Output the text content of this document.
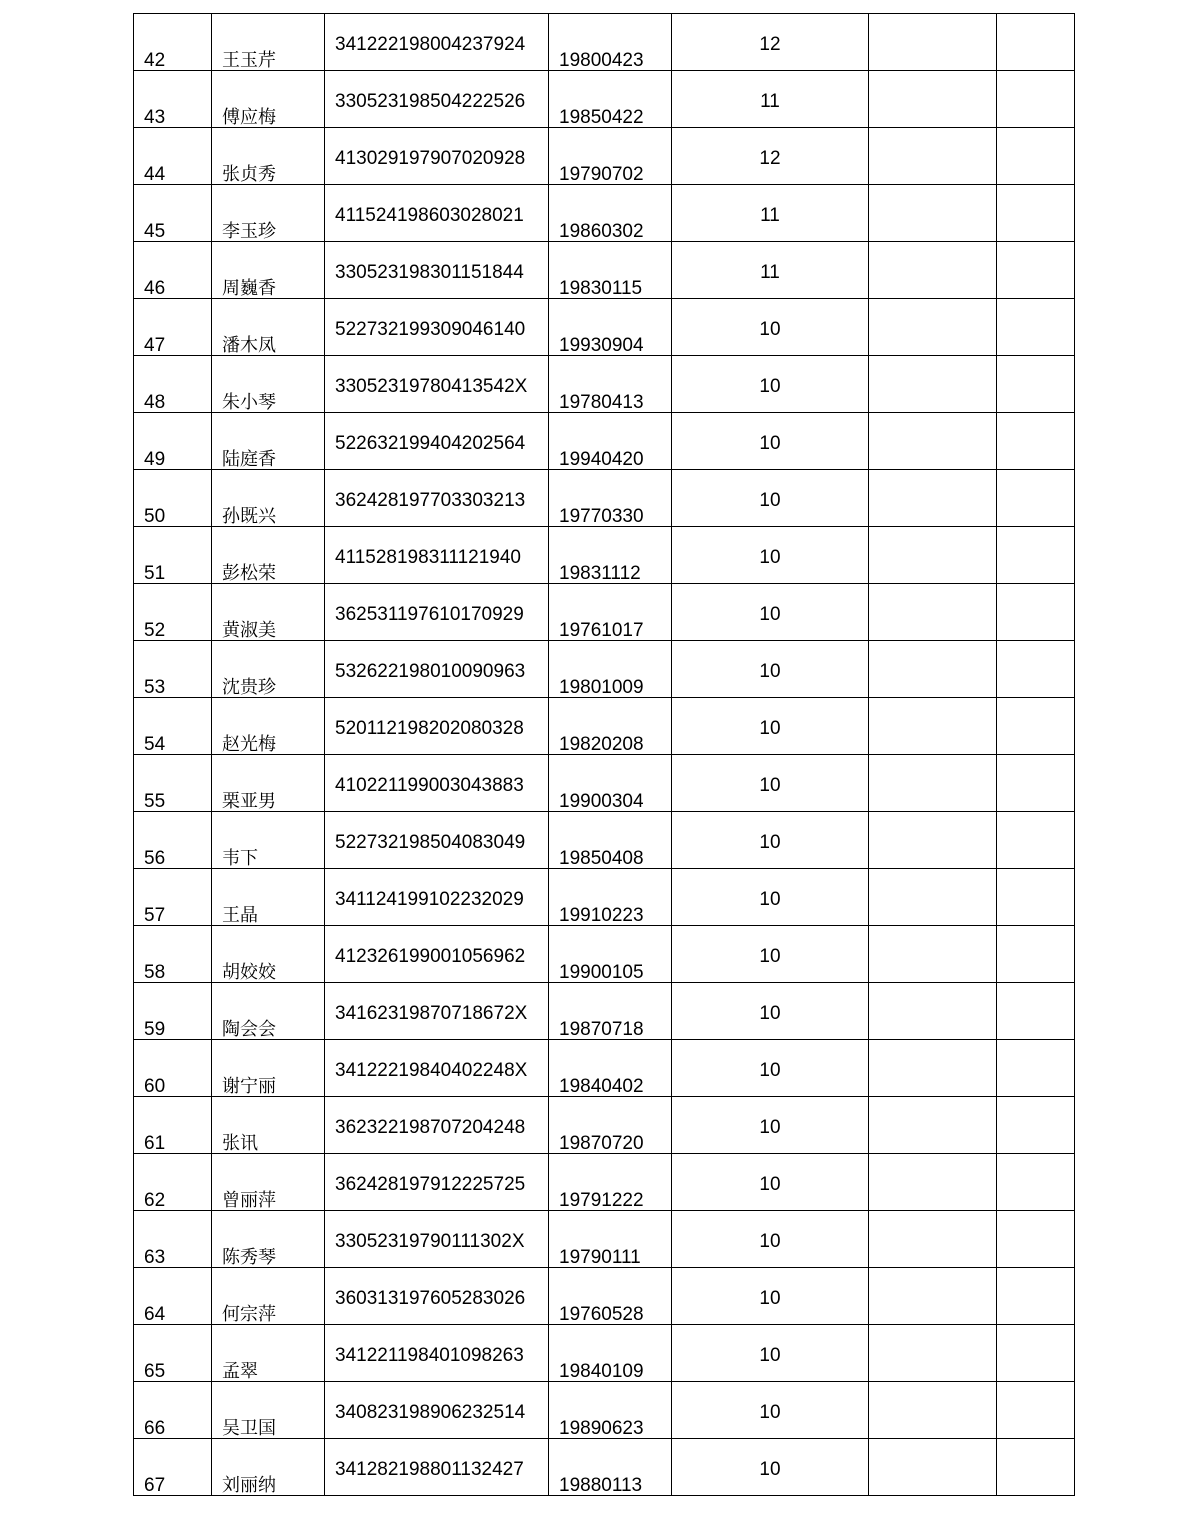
42	王玉芹	341222198004237924	19800423	12		

43	傅应梅	330523198504222526	19850422	11		

44	张贞秀	413029197907020928	19790702	12		

45	李玉珍	411524198603028021	19860302	11		

46	周巍香	330523198301151844	19830115	11		

47	潘木凤	522732199309046140	19930904	10		

48	朱小琴	33052319780413542X	19780413	10		

49	陆庭香	522632199404202564	19940420	10		

50	孙既兴	362428197703303213	19770330	10		

51	彭松荣	411528198311121940	19831112	10		

52	黄淑美	362531197610170929	19761017	10		

53	沈贵珍	532622198010090963	19801009	10		

54	赵光梅	520112198202080328	19820208	10		

55	栗亚男	410221199003043883	19900304	10		

56	韦下	522732198504083049	19850408	10		

57	王晶	341124199102232029	19910223	10		

58	胡姣姣	412326199001056962	19900105	10		

59	陶会会	34162319870718672X	19870718	10		

60	谢宁丽	34122219840402248X	19840402	10		

61	张讯	362322198707204248	19870720	10		

62	曾丽萍	362428197912225725	19791222	10		

63	陈秀琴	33052319790111302X	19790111	10		

64	何宗萍	360313197605283026	19760528	10		

65	孟翠	341221198401098263	19840109	10		

66	吴卫国	340823198906232514	19890623	10		

67	刘丽纳	341282198801132427	19880113	10		
